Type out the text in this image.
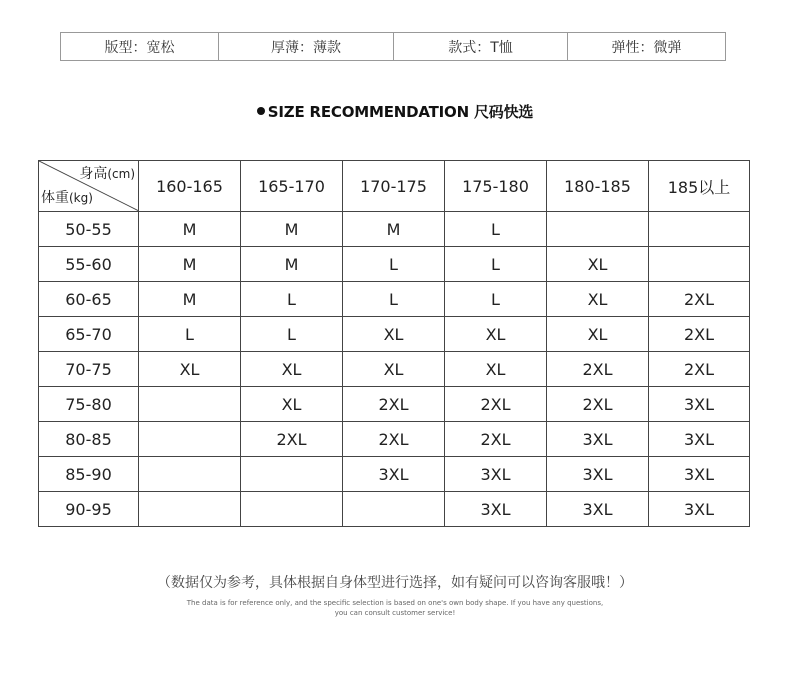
版型 ： 宽松	厚薄 ： 薄款	款式 ： T恤	弹性 ： 微弹
SIZE RECOMMENDATION 尺码快选
身高(cm)
体重(kg)	160-165	165-170	170-175	175-180	180-185	185以上
50-55	M	M	M	L		
55-60	M	M	L	L	XL	
60-65	M	L	L	L	XL	2XL
65-70	L	L	XL	XL	XL	2XL
70-75	XL	XL	XL	XL	2XL	2XL
75-80		XL	2XL	2XL	2XL	3XL
80-85		2XL	2XL	2XL	3XL	3XL
85-90			3XL	3XL	3XL	3XL
90-95				3XL	3XL	3XL
（数据仅为参考，具体根据自身体型进行选择，如有疑问可以咨询客服哦！）
The data is for reference only, and the specific selection is based on one's own body shape. If you have any questions,
you can consult customer service!
